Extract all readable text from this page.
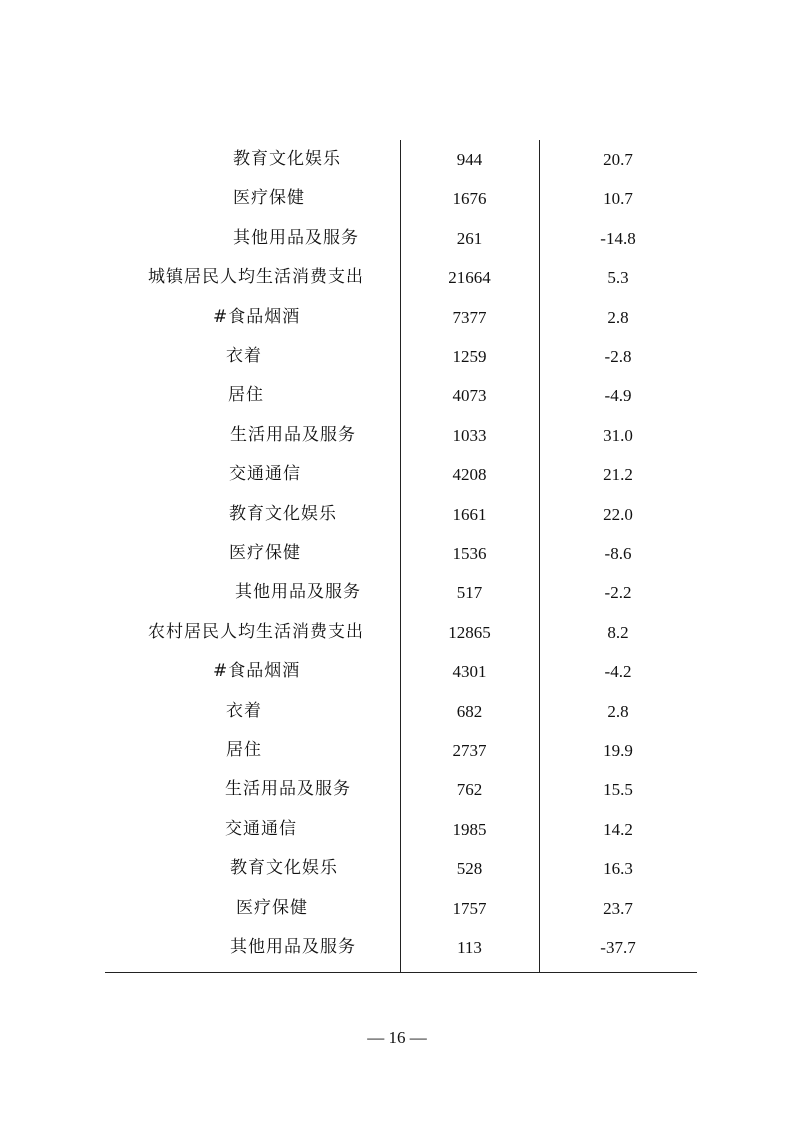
教育文化娱乐	944	20.7
医疗保健	1676	10.7
其他用品及服务	261	-14.8
城镇居民人均生活消费支出	21664	5.3
#食品烟酒	7377	2.8
衣着	1259	-2.8
居住	4073	-4.9
生活用品及服务	1033	31.0
交通通信	4208	21.2
教育文化娱乐	1661	22.0
医疗保健	1536	-8.6
其他用品及服务	517	-2.2
农村居民人均生活消费支出	12865	8.2
#食品烟酒	4301	-4.2
衣着	682	2.8
居住	2737	19.9
生活用品及服务	762	15.5
交通通信	1985	14.2
教育文化娱乐	528	16.3
医疗保健	1757	23.7
其他用品及服务	113	-37.7
— 16 —
